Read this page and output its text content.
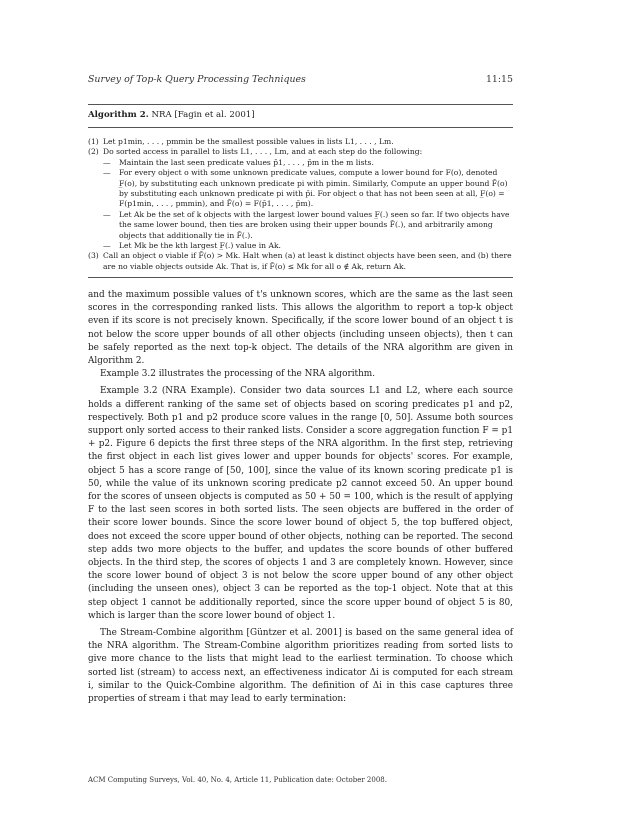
Survey of Top-k Query Processing Techniques	11:15
Algorithm 2. NRA [Fagin et al. 2001]

(1) Let p1min, . . . , pmmin be the smallest possible values in lists L1, . . . , Lm.

(2) Do sorted access in parallel to lists L1, . . . , Lm, and at each step do the following:

— Maintain the last seen predicate values p̄1, . . . , p̄m in the m lists.

— For every object o with some unknown predicate values, compute a lower bound for F(o), denoted F̲(o), by substituting each unknown predicate pi with pimin. Similarly, Compute an upper bound F̄(o) by substituting each unknown predicate pi with p̄i. For object o that has not been seen at all, F̲(o) = F(p1min, . . . , pmmin), and F̄(o) = F(p̄1, . . . , p̄m).

— Let Ak be the set of k objects with the largest lower bound values F̲(.) seen so far. If two objects have the same lower bound, then ties are broken using their upper bounds F̄(.), and arbitrarily among objects that additionally tie in F̄(.).

— Let Mk be the kth largest F̲(.) value in Ak.

(3) Call an object o viable if F̄(o) > Mk. Halt when (a) at least k distinct objects have been seen, and (b) there are no viable objects outside Ak. That is, if F̄(o) ≤ Mk for all o ∉ Ak, return Ak.

and the maximum possible values of t's unknown scores, which are the same as the last seen scores in the corresponding ranked lists. This allows the algorithm to report a top-k object even if its score is not precisely known. Specifically, if the score lower bound of an object t is not below the score upper bounds of all other objects (including unseen objects), then t can be safely reported as the next top-k object. The details of the NRA algorithm are given in Algorithm 2.

Example 3.2 illustrates the processing of the NRA algorithm.

Example 3.2 (NRA Example). Consider two data sources L1 and L2, where each source holds a different ranking of the same set of objects based on scoring predicates p1 and p2, respectively. Both p1 and p2 produce score values in the range [0, 50]. Assume both sources support only sorted access to their ranked lists. Consider a score aggregation function F = p1 + p2. Figure 6 depicts the first three steps of the NRA algorithm. In the first step, retrieving the first object in each list gives lower and upper bounds for objects' scores. For example, object 5 has a score range of [50, 100], since the value of its known scoring predicate p1 is 50, while the value of its unknown scoring predicate p2 cannot exceed 50. An upper bound for the scores of unseen objects is computed as 50 + 50 = 100, which is the result of applying F to the last seen scores in both sorted lists. The seen objects are buffered in the order of their score lower bounds. Since the score lower bound of object 5, the top buffered object, does not exceed the score upper bound of other objects, nothing can be reported. The second step adds two more objects to the buffer, and updates the score bounds of other buffered objects. In the third step, the scores of objects 1 and 3 are completely known. However, since the score lower bound of object 3 is not below the score upper bound of any other object (including the unseen ones), object 3 can be reported as the top-1 object. Note that at this step object 1 cannot be additionally reported, since the score upper bound of object 5 is 80, which is larger than the score lower bound of object 1.

The Stream-Combine algorithm [Güntzer et al. 2001] is based on the same general idea of the NRA algorithm. The Stream-Combine algorithm prioritizes reading from sorted lists to give more chance to the lists that might lead to the earliest termination. To choose which sorted list (stream) to access next, an effectiveness indicator Δi is computed for each stream i, similar to the Quick-Combine algorithm. The definition of Δi in this case captures three properties of stream i that may lead to early termination:

ACM Computing Surveys, Vol. 40, No. 4, Article 11, Publication date: October 2008.
